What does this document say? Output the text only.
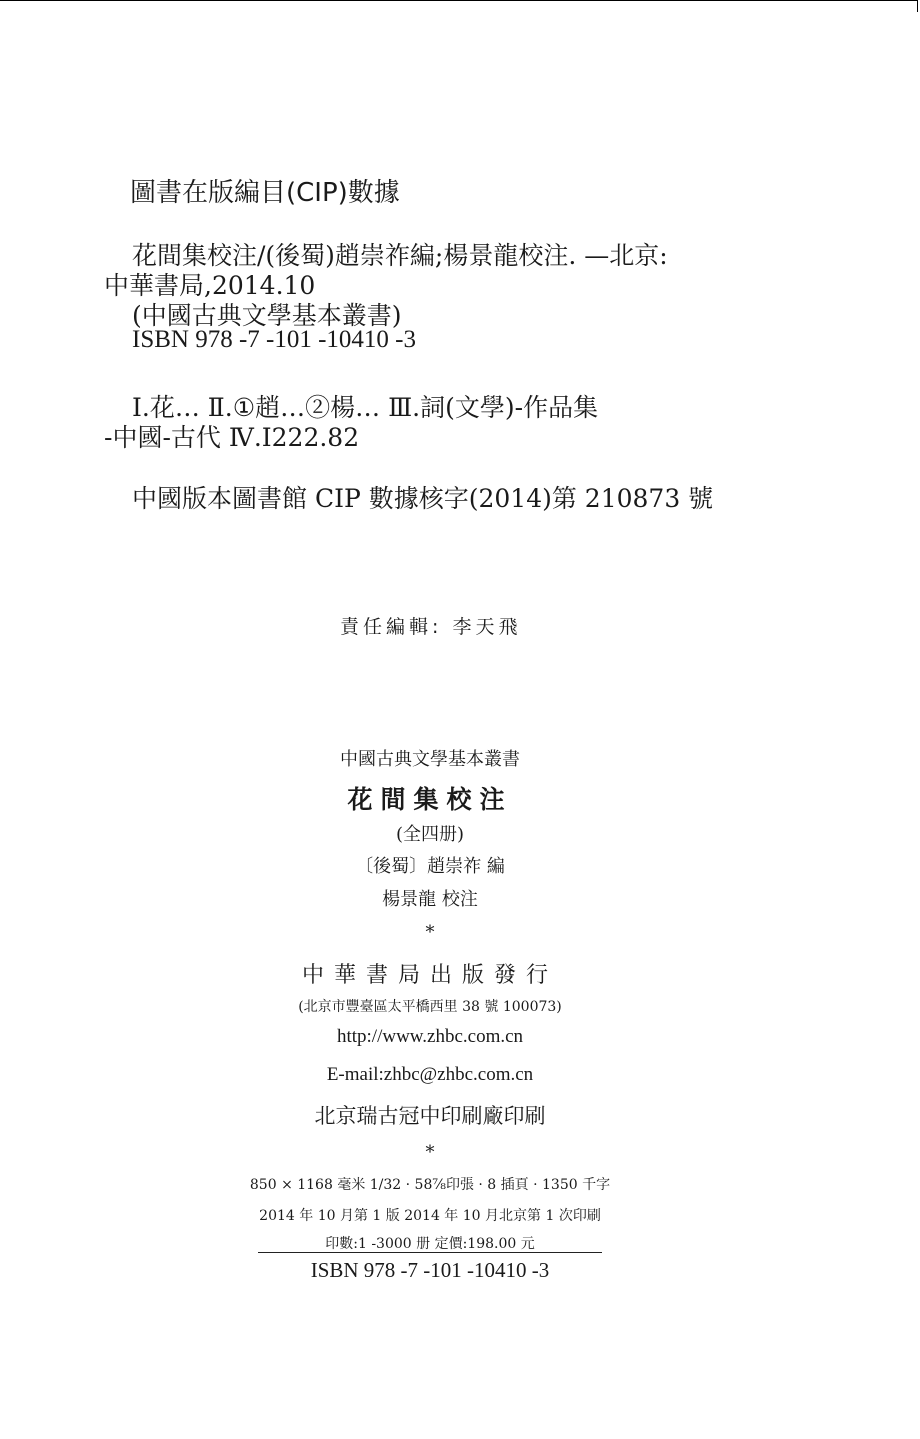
圖書在版編目(CIP)數據
花間集校注/(後蜀)趙崇祚編;楊景龍校注. —北京:
中華書局,2014.10
(中國古典文學基本叢書)
ISBN 978 -7 -101 -10410 -3
Ⅰ.花… Ⅱ.①趙…②楊… Ⅲ.詞(文學)-作品集
-中國-古代 Ⅳ.I222.82
中國版本圖書館 CIP 數據核字(2014)第 210873 號
責任編輯: 李天飛
中國古典文學基本叢書
花間集校注
(全四册)
〔後蜀〕趙崇祚 編
楊景龍 校注
*
中華書局出版發行
(北京市豐臺區太平橋西里 38 號 100073)
http://www.zhbc.com.cn
E-mail:zhbc@zhbc.com.cn
北京瑞古冠中印刷廠印刷
*
850 × 1168 毫米 1/32 · 58⅞印張 · 8 插頁 · 1350 千字
2014 年 10 月第 1 版 2014 年 10 月北京第 1 次印刷
印數:1 -3000 册 定價:198.00 元
ISBN 978 -7 -101 -10410 -3
